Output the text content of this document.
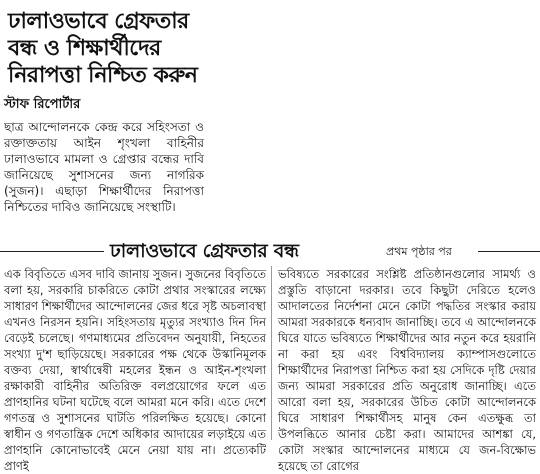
ঢালাওভাবে গ্রেফতার বন্ধ ও শিক্ষার্থীদের নিরাপত্তা নিশ্চিত করুন
স্টাফ রিপোর্টার
ছাত্র আন্দোলনকে কেন্দ্র করে সহিংসতা ও রক্তাক্ততায় আইন শৃংখলা বাহিনীর ঢালাওভাবে মামলা ও গ্রেপ্তার বন্ধের দাবি জানিয়েছে সুশাসনের জন্য নাগরিক (সুজন)। এছাড়া শিক্ষার্থীদের নিরাপত্তা নিশ্চিতের দাবিও জানিয়েছে সংস্থাটি।
ঢালাওভাবে গ্রেফতার বন্ধ	প্রথম পৃষ্ঠার পর

এক বিবৃতিতে এসব দাবি জানায় সুজন। সুজনের বিবৃতিতে বলা হয়, সরকারি চাকরিতে কোটা প্রথার সংস্কারের লক্ষ্যে সাধারণ শিক্ষার্থীদের আন্দোলনের জের ধরে সৃষ্ট অচলাবস্থা এখনও নিরসন হয়নি। সহিংসতায় মৃত্যুর সংখ্যাও দিন দিন বেড়েই চলেছে। গণমাধ্যমের প্রতিবেদন অনুযায়ী, নিহতের সংখ্যা দু'শ ছাড়িয়েছে। সরকারের পক্ষ থেকে উস্কানিমূলক বক্তব্য দেয়া, স্বার্থান্বেষী মহলের ইন্ধন ও আইন-শৃংখলা রক্ষাকারী বাহিনীর অতিরিক্ত বলপ্রয়োগের ফলে এত প্রাণহানির ঘটনা ঘটেছে বলে আমরা মনে করি। এতে দেশে গণতন্ত্র ও সুশাসনের ঘাটতি পরিলক্ষিত হয়েছে। কোনো স্বাধীন ও গণতান্ত্রিক দেশে অধিকার আদায়ের লড়াইয়ে এত প্রাণহানি কোনোভাবেই মেনে নেয়া যায় না। প্রত্যেকটি প্রাণই

ভবিষ্যতে সরকারের সংশ্লিষ্ট প্রতিষ্ঠানগুলোর সামর্থ্য ও প্রস্তুতি বাড়ানো দরকার। তবে কিছুটা দেরিতে হলেও আদালতের নির্দেশনা মেনে কোটা পদ্ধতির সংস্কার করায় আমরা সরকারকে ধন্যবাদ জানাচ্ছি। তবে এ আন্দোলনকে ঘিরে যাতে ভবিষ্যতে শিক্ষার্থীদের আর নতুন করে হয়রানি না করা হয় এবং বিশ্ববিদ্যালয় ক্যাম্পাসগুলোতে শিক্ষার্থীদের নিরাপত্তা নিশ্চিত করা হয় সেদিকে দৃষ্টি দেয়ার জন্য আমরা সরকারের প্রতি অনুরোধ জানাচ্ছি। এতে আরো বলা হয়, সরকারের উচিত কোটা আন্দোলনকে ঘিরে সাধারণ শিক্ষার্থীসহ মানুষ কেন এতক্ষুব্ধ তা উপলব্ধিতে আনার চেষ্টা করা। আমাদের আশঙ্কা যে, কোটা সংস্কার আন্দোলনের মাধ্যমে যে জন-বিক্ষোভ হয়েছে তা রোগের
